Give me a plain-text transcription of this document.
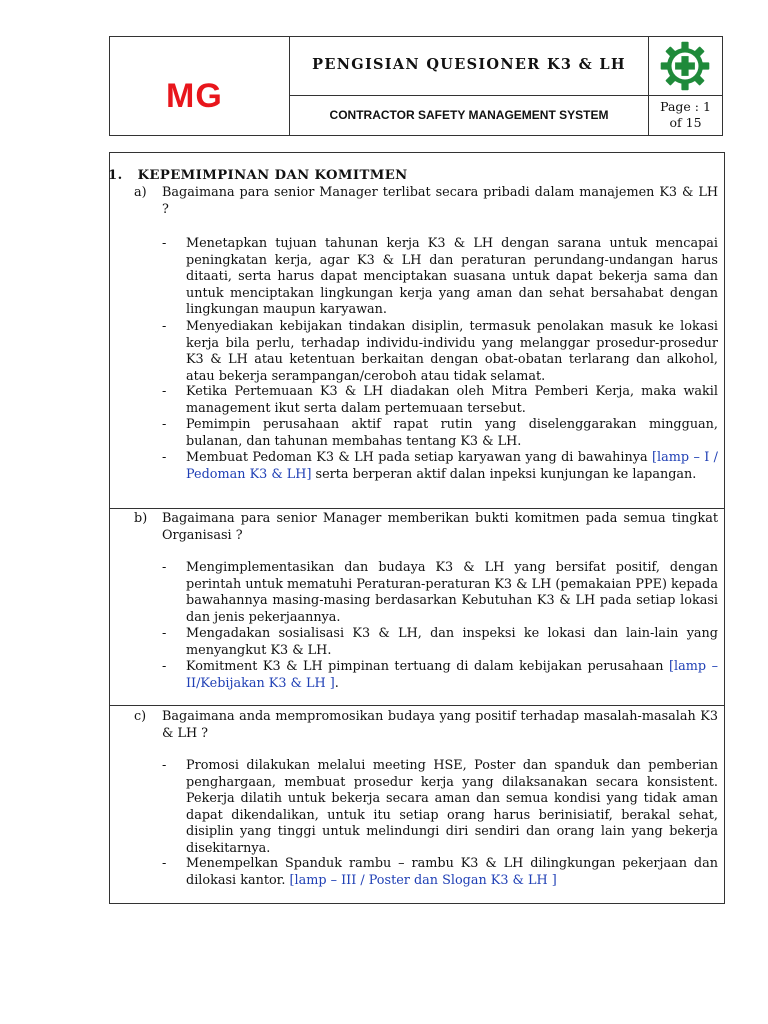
MG
PENGISIAN QUESIONER K3 & LH
CONTRACTOR SAFETY MANAGEMENT SYSTEM
Page : 1
of 15
1. KEPEMIMPINAN DAN KOMITMEN
a) Bagaimana para senior Manager terlibat secara pribadi dalam manajemen K3 & LH ?
-	Menetapkan tujuan tahunan kerja K3 & LH dengan sarana untuk mencapai peningkatan kerja, agar K3 & LH dan peraturan perundang-undangan harus ditaati, serta harus dapat menciptakan suasana untuk dapat bekerja sama dan untuk menciptakan lingkungan kerja yang aman dan sehat bersahabat dengan lingkungan maupun karyawan.
-	Menyediakan kebijakan tindakan disiplin, termasuk penolakan masuk ke lokasi kerja bila perlu, terhadap individu-individu yang melanggar prosedur-prosedur K3 & LH atau ketentuan berkaitan dengan obat-obatan terlarang dan alkohol, atau bekerja serampangan/ceroboh atau tidak selamat.
-	Ketika Pertemuaan K3 & LH diadakan oleh Mitra Pemberi Kerja, maka wakil management ikut serta dalam pertemuaan tersebut.
-	Pemimpin perusahaan aktif rapat rutin yang diselenggarakan mingguan, bulanan, dan tahunan membahas tentang K3 & LH.
-	Membuat Pedoman K3 & LH pada setiap karyawan yang di bawahinya [lamp – I / Pedoman K3 & LH] serta berperan aktif dalan inpeksi kunjungan ke lapangan.
b) Bagaimana para senior Manager memberikan bukti komitmen pada semua tingkat Organisasi ?
-	Mengimplementasikan dan budaya K3 & LH yang bersifat positif, dengan perintah untuk mematuhi Peraturan-peraturan K3 & LH (pemakaian PPE) kepada bawahannya masing-masing berdasarkan Kebutuhan K3 & LH pada setiap lokasi dan jenis pekerjaannya.
-	Mengadakan sosialisasi K3 & LH, dan inspeksi ke lokasi dan lain-lain yang menyangkut K3 & LH.
-	Komitment K3 & LH pimpinan tertuang di dalam kebijakan perusahaan [lamp – II/Kebijakan K3 & LH ].
c) Bagaimana anda mempromosikan budaya yang positif terhadap masalah-masalah K3 & LH ?
-	Promosi dilakukan melalui meeting HSE, Poster dan spanduk dan pemberian penghargaan, membuat prosedur kerja yang dilaksanakan secara konsistent. Pekerja dilatih untuk bekerja secara aman dan semua kondisi yang tidak aman dapat dikendalikan, untuk itu setiap orang harus berinisiatif, berakal sehat, disiplin yang tinggi untuk melindungi diri sendiri dan orang lain yang bekerja disekitarnya.
-	Menempelkan Spanduk rambu – rambu K3 & LH dilingkungan pekerjaan dan dilokasi kantor. [lamp – III / Poster dan Slogan K3 & LH ]
